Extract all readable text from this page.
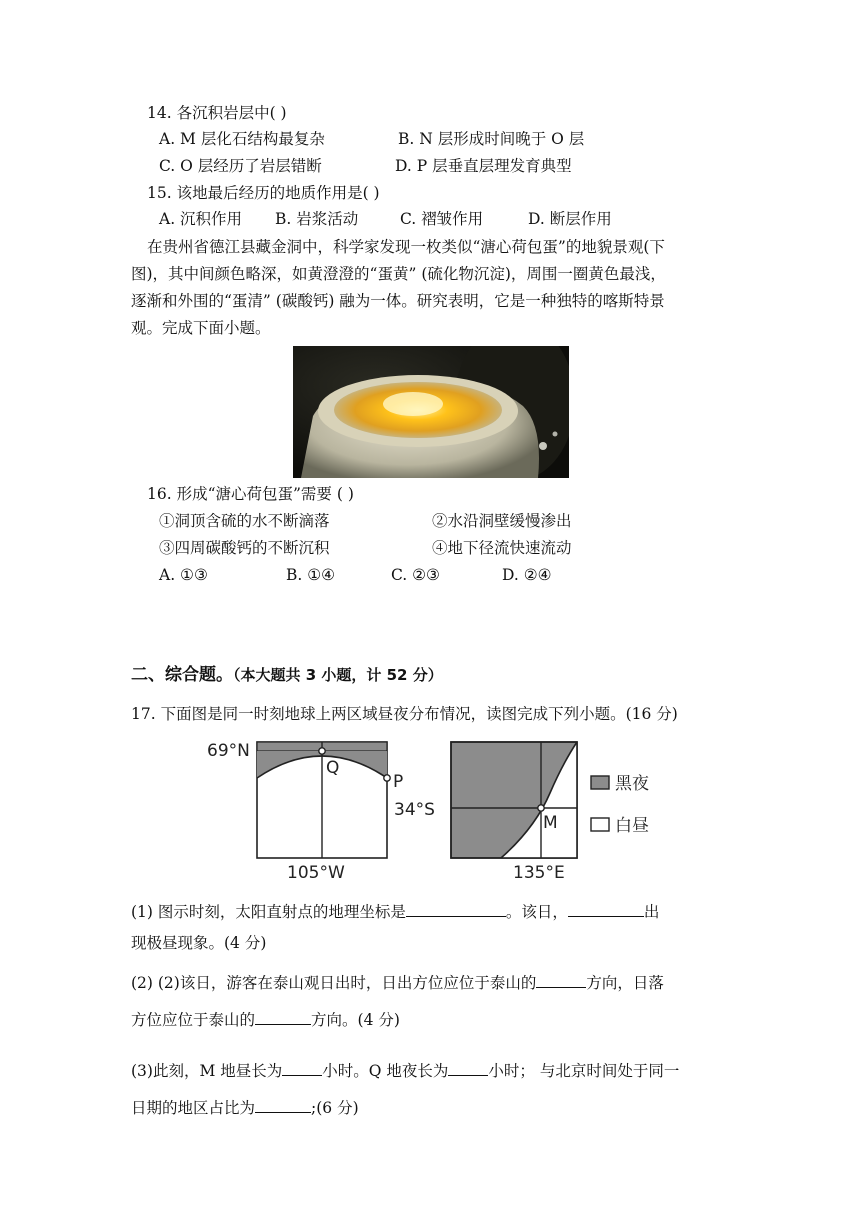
14. 各沉积岩层中( )
A. M 层化石结构最复杂	B. N 层形成时间晚于 O 层
C. O 层经历了岩层错断	D. P 层垂直层理发育典型
15. 该地最后经历的地质作用是( )
A. 沉积作用 B. 岩浆活动	C. 褶皱作用	D. 断层作用
在贵州省德江县藏金洞中，科学家发现一枚类似“溏心荷包蛋”的地貌景观(下
图)，其中间颜色略深，如黄澄澄的“蛋黄” (硫化物沉淀)，周围一圈黄色最浅，
逐渐和外围的“蛋清” (碳酸钙) 融为一体。研究表明，它是一种独特的喀斯特景
观。完成下面小题。
16. 形成“溏心荷包蛋”需要 ( )
①洞顶含硫的水不断滴落	②水沿洞壁缓慢渗出
③四周碳酸钙的不断沉积	④地下径流快速流动
A. ①③	B. ①④	C. ②③	D. ②④
二、综合题。（本大题共 3 小题，计 52 分）
17. 下面图是同一时刻地球上两区域昼夜分布情况，读图完成下列小题。(16 分)
69°N
Q
P
34°S
105°W	135°E
M
黑夜
白昼
(1) 图示时刻，太阳直射点的地理坐标是	。该日，	出
现极昼现象。(4 分)
(2) (2)该日，游客在泰山观日出时，日出方位应位于泰山的	方向，日落
方位应位于泰山的	方向。(4 分)
(3)此刻，M 地昼长为	小时。Q 地夜长为	小时； 与北京时间处于同一
日期的地区占比为	;(6 分)
